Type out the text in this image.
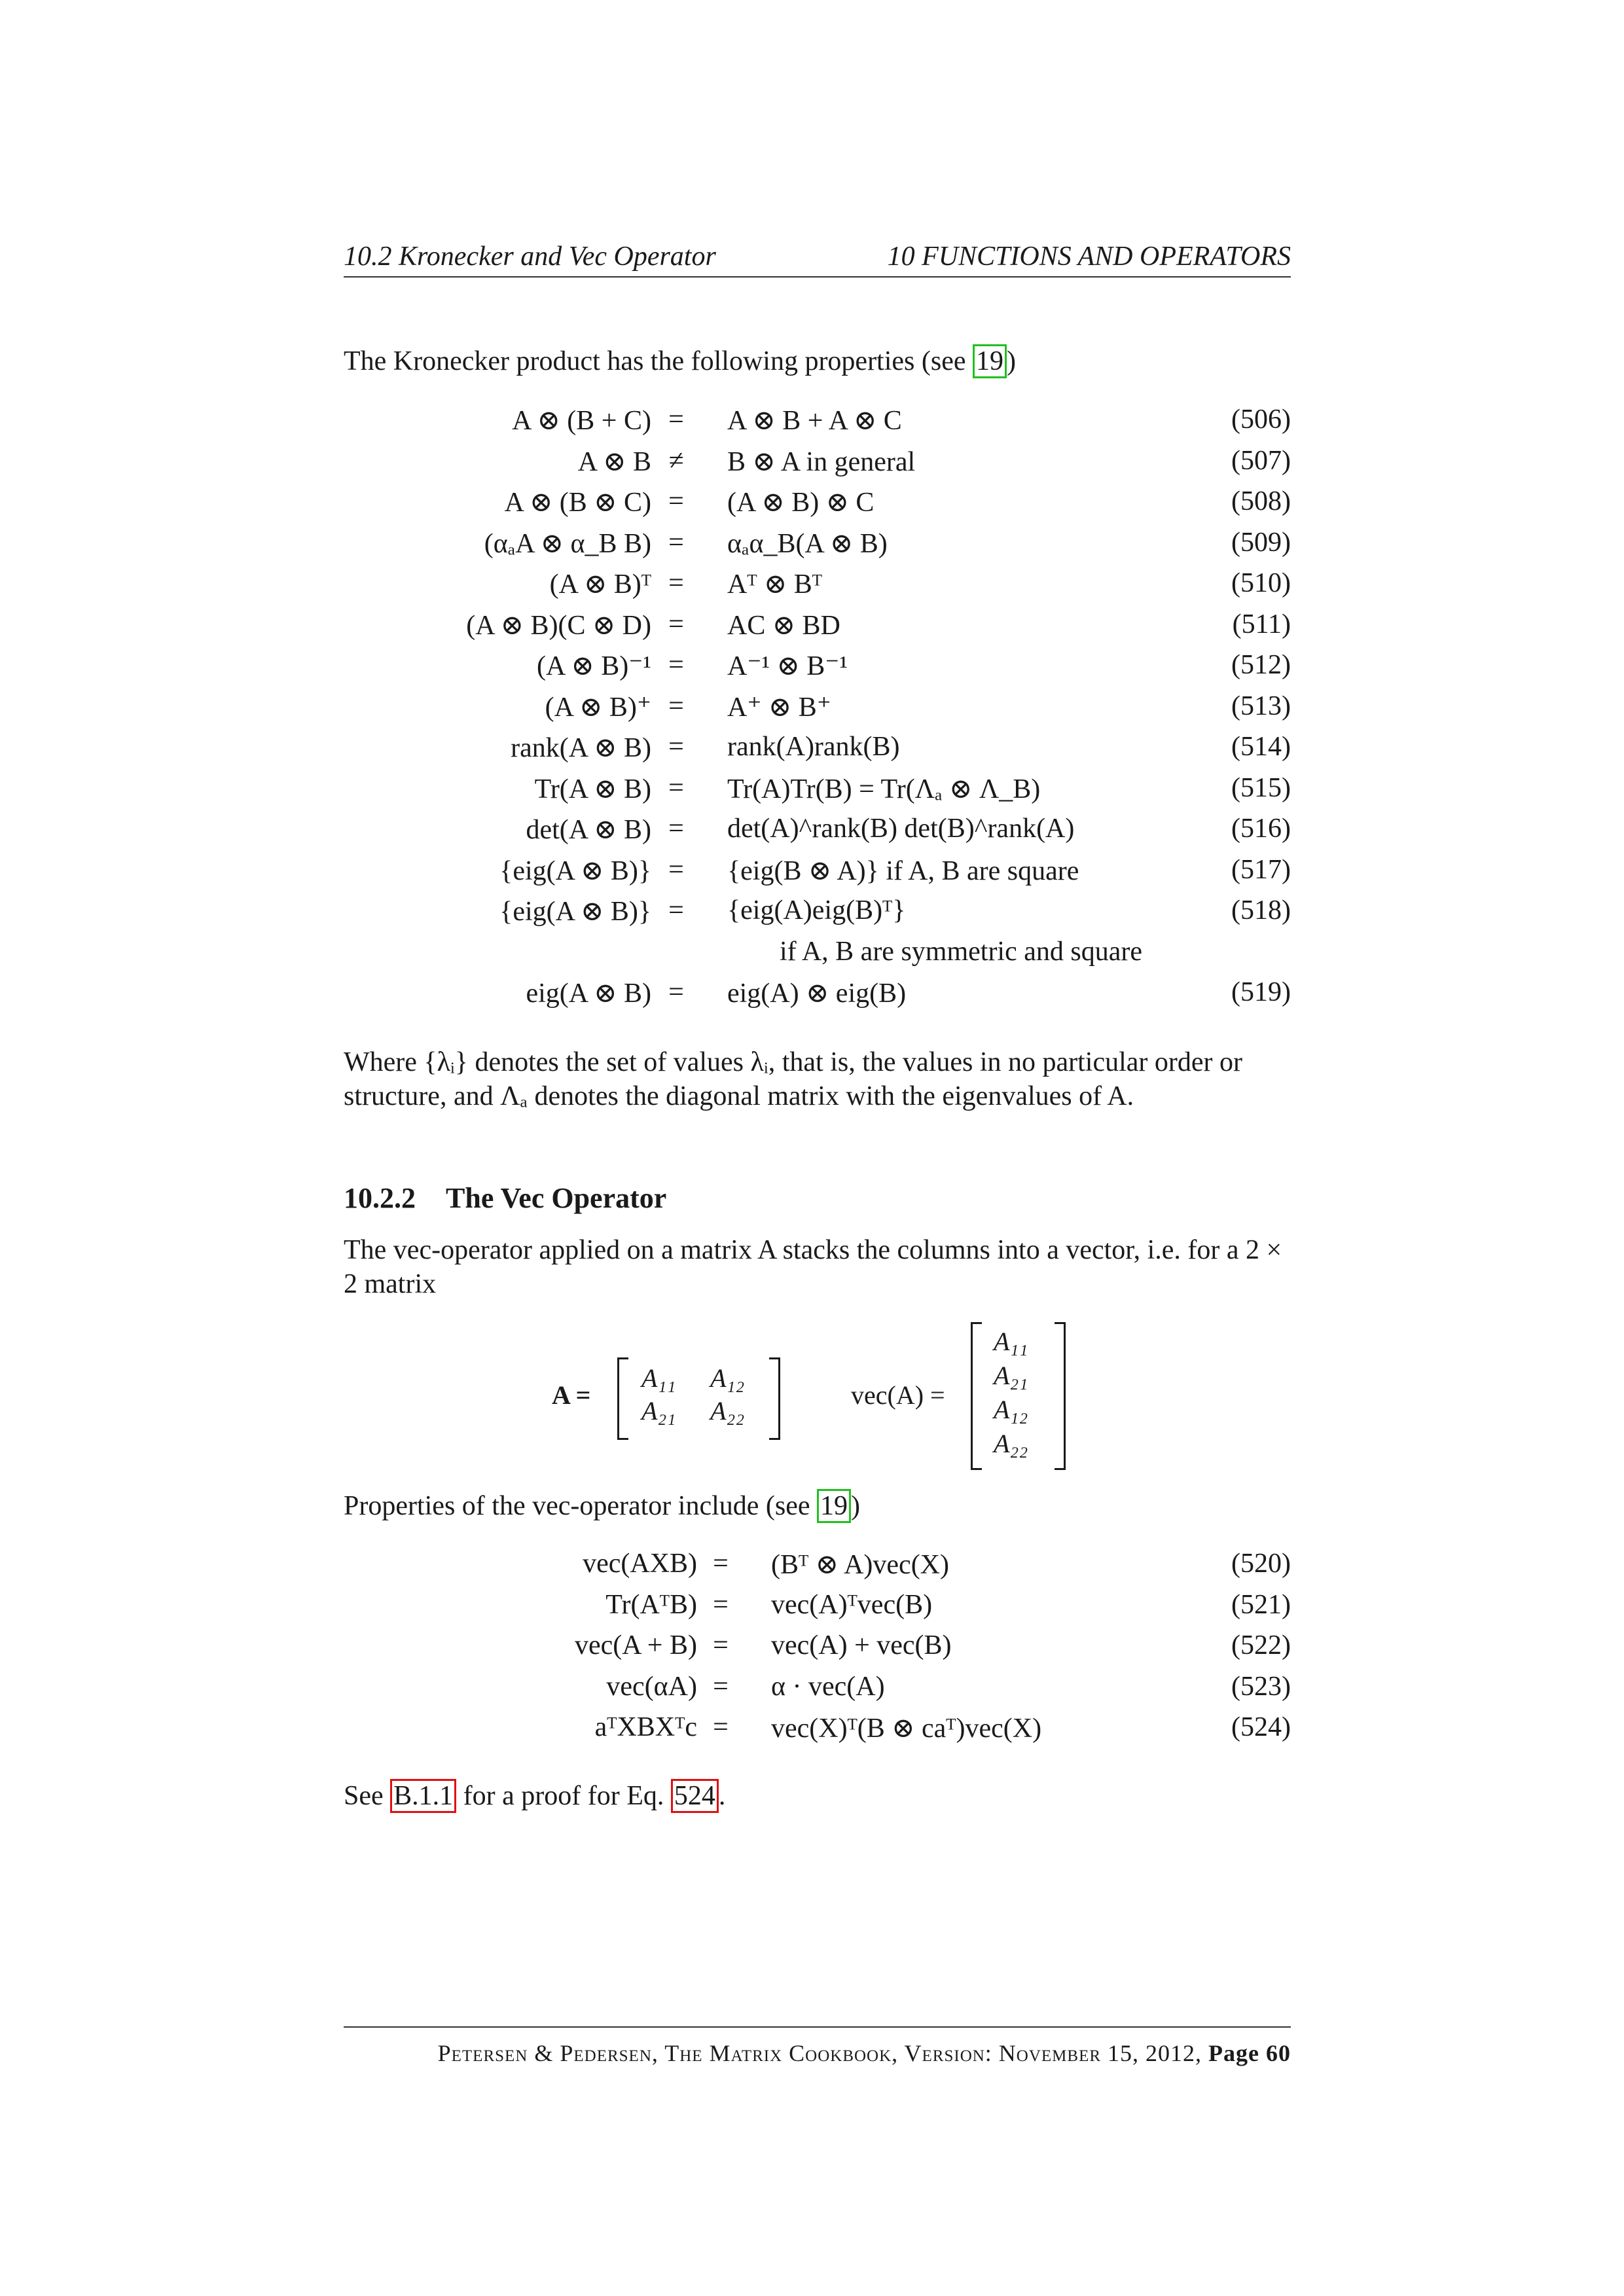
10.2 Kronecker and Vec Operator	10 FUNCTIONS AND OPERATORS
The Kronecker product has the following properties (see 19 )
A ⊗ (B + C) =	A ⊗ B + A ⊗ C	(506)
A ⊗ B ≠	B ⊗ A in general	(507)
A ⊗ (B ⊗ C) =	(A ⊗ B) ⊗ C	(508)
(αₐA ⊗ α_B B) =	αₐα_B(A ⊗ B)	(509)
(A ⊗ B)ᵀ =	Aᵀ ⊗ Bᵀ	(510)
(A ⊗ B)(C ⊗ D) =	AC ⊗ BD	(511)
(A ⊗ B)⁻¹ =	A⁻¹ ⊗ B⁻¹	(512)
(A ⊗ B)⁺ =	A⁺ ⊗ B⁺	(513)
rank(A ⊗ B) =	rank(A)rank(B)	(514)
Tr(A ⊗ B) =	Tr(A)Tr(B) = Tr(Λₐ ⊗ Λ_B)	(515)
det(A ⊗ B) =	det(A)^rank(B) det(B)^rank(A)	(516)
{eig(A ⊗ B)} =	{eig(B ⊗ A)} if A, B are square	(517)
{eig(A ⊗ B)} =	{eig(A)eig(B)ᵀ}	(518)
if A, B are symmetric and square
eig(A ⊗ B) =	eig(A) ⊗ eig(B)	(519)
Where {λᵢ} denotes the set of values λᵢ, that is, the values in no particular order or structure, and Λₐ denotes the diagonal matrix with the eigenvalues of A.
10.2.2 The Vec Operator
The vec-operator applied on a matrix A stacks the columns into a vector, i.e. for a 2 × 2 matrix
A =
A₁₁ A₁₂
A₂₁ A₂₂
vec(A) =
A₁₁
A₂₁
A₁₂
A₂₂
Properties of the vec-operator include (see 19 )
vec(AXB) =	(Bᵀ ⊗ A)vec(X)	(520)
Tr(AᵀB) =	vec(A)ᵀvec(B)	(521)
vec(A + B) =	vec(A) + vec(B)	(522)
vec(αA) =	α · vec(A)	(523)
aᵀXBXᵀc =	vec(X)ᵀ(B ⊗ caᵀ)vec(X)	(524)
See B.1.1 for a proof for Eq. 524 .
Petersen & Pedersen, The Matrix Cookbook, Version: November 15, 2012, Page 60
